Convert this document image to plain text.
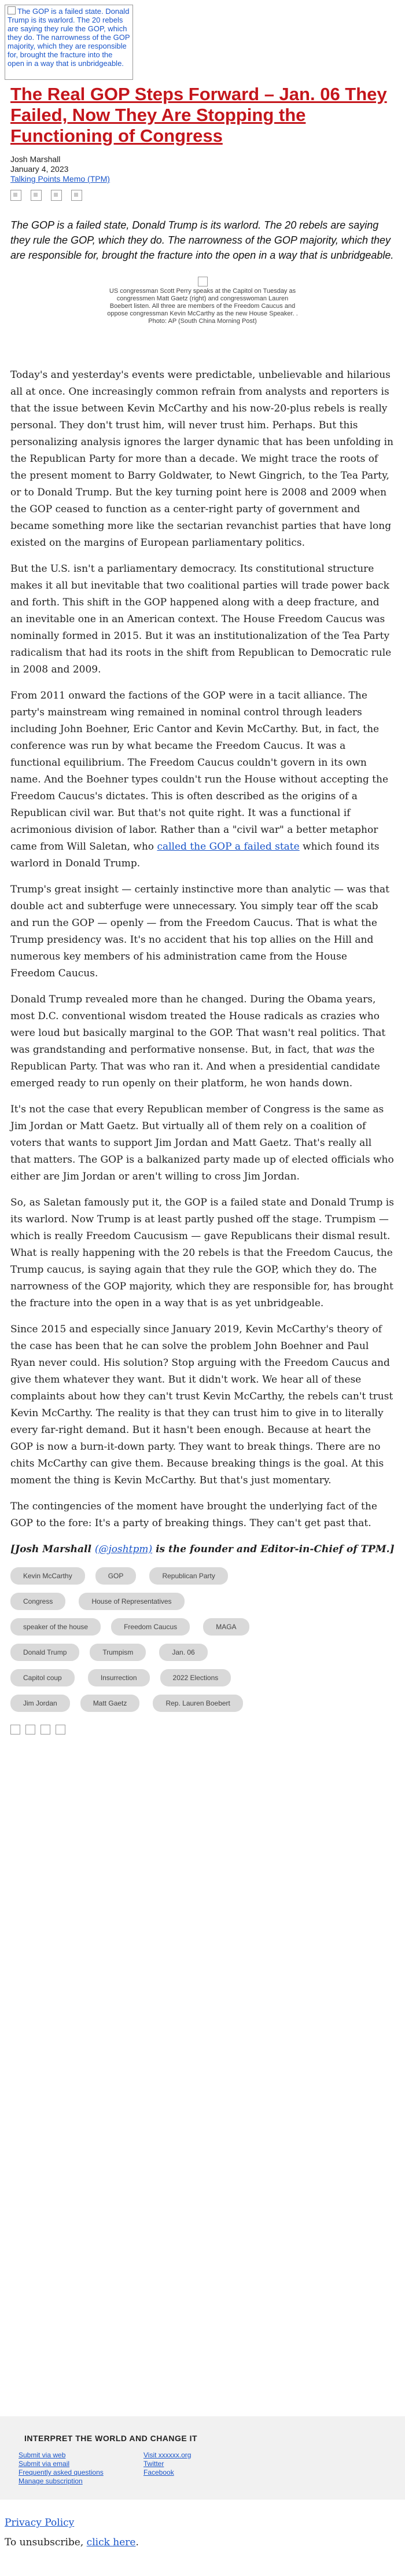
The GOP is a failed state. Donald Trump is its warlord. The 20 rebels are saying they rule the GOP, which they do. The narrowness of the GOP majority, which they are responsible for, brought the fracture into the open in a way that is unbridgeable.
The Real GOP Steps Forward – Jan. 06 They Failed, Now They Are Stopping the Functioning of Congress
Josh Marshall
January 4, 2023
Talking Points Memo (TPM)
The GOP is a failed state, Donald Trump is its warlord. The 20 rebels are saying they rule the GOP, which they do. The narrowness of the GOP majority, which they are responsible for, brought the fracture into the open in a way that is unbridgeable.
US congressman Scott Perry speaks at the Capitol on Tuesday as congressmen Matt Gaetz (right) and congresswoman Lauren Boebert listen. All three are members of the Freedom Caucus and oppose congressman Kevin McCarthy as the new House Speaker. . Photo: AP (South China Morning Post)

Today's and yesterday's events were predictable, unbelievable and hilarious all at once. One increasingly common refrain from analysts and reporters is that the issue between Kevin McCarthy and his now-20-plus rebels is really personal. They don't trust him, will never trust him. Perhaps. But this personalizing analysis ignores the larger dynamic that has been unfolding in the Republican Party for more than a decade. We might trace the roots of the present moment to Barry Goldwater, to Newt Gingrich, to the Tea Party, or to Donald Trump. But the key turning point here is 2008 and 2009 when the GOP ceased to function as a center-right party of government and became something more like the sectarian revanchist parties that have long existed on the margins of European parliamentary politics.

But the U.S. isn't a parliamentary democracy. Its constitutional structure makes it all but inevitable that two coalitional parties will trade power back and forth. This shift in the GOP happened along with a deep fracture, and an inevitable one in an American context. The House Freedom Caucus was nominally formed in 2015. But it was an institutionalization of the Tea Party radicalism that had its roots in the shift from Republican to Democratic rule in 2008 and 2009.

From 2011 onward the factions of the GOP were in a tacit alliance. The party's mainstream wing remained in nominal control through leaders including John Boehner, Eric Cantor and Kevin McCarthy. But, in fact, the conference was run by what became the Freedom Caucus. It was a functional equilibrium. The Freedom Caucus couldn't govern in its own name. And the Boehner types couldn't run the House without accepting the Freedom Caucus's dictates. This is often described as the origins of a Republican civil war. But that's not quite right. It was a functional if acrimonious division of labor. Rather than a "civil war" a better metaphor came from Will Saletan, who called the GOP a failed state which found its warlord in Donald Trump.

Trump's great insight — certainly instinctive more than analytic — was that double act and subterfuge were unnecessary. You simply tear off the scab and run the GOP — openly — from the Freedom Caucus. That is what the Trump presidency was. It's no accident that his top allies on the Hill and numerous key members of his administration came from the House Freedom Caucus.

Donald Trump revealed more than he changed. During the Obama years, most D.C. conventional wisdom treated the House radicals as crazies who were loud but basically marginal to the GOP. That wasn't real politics. That was grandstanding and performative nonsense. But, in fact, that was the Republican Party. That was who ran it. And when a presidential candidate emerged ready to run openly on their platform, he won hands down.

It's not the case that every Republican member of Congress is the same as Jim Jordan or Matt Gaetz. But virtually all of them rely on a coalition of voters that wants to support Jim Jordan and Matt Gaetz. That's really all that matters. The GOP is a balkanized party made up of elected officials who either are Jim Jordan or aren't willing to cross Jim Jordan.

So, as Saletan famously put it, the GOP is a failed state and Donald Trump is its warlord. Now Trump is at least partly pushed off the stage. Trumpism — which is really Freedom Caucusism — gave Republicans their dismal result. What is really happening with the 20 rebels is that the Freedom Caucus, the Trump caucus, is saying again that they rule the GOP, which they do. The narrowness of the GOP majority, which they are responsible for, has brought the fracture into the open in a way that is as yet unbridgeable.

Since 2015 and especially since January 2019, Kevin McCarthy's theory of the case has been that he can solve the problem John Boehner and Paul Ryan never could. His solution? Stop arguing with the Freedom Caucus and give them whatever they want. But it didn't work. We hear all of these complaints about how they can't trust Kevin McCarthy, the rebels can't trust Kevin McCarthy. The reality is that they can trust him to give in to literally every far-right demand. But it hasn't been enough. Because at heart the GOP is now a burn-it-down party. They want to break things. There are no chits McCarthy can give them. Because breaking things is the goal. At this moment the thing is Kevin McCarthy. But that's just momentary.

The contingencies of the moment have brought the underlying fact of the GOP to the fore: It's a party of breaking things. They can't get past that.

[Josh Marshall (@joshtpm) is the founder and Editor-in-Chief of TPM.]

Kevin McCarthy	GOP	Republican PartyCongress	House of Representatives speaker of the house	Freedom Caucus	MAGADonald Trump	Trumpism	Jan. 06Capitol coup	Insurrection	2022 Elections Jim Jordan	Matt Gaetz	Rep. Lauren Boebert
INTERPRET THE WORLD AND CHANGE IT
Submit via web
Submit via email
Frequently asked questions
Manage subscription
Visit xxxxxx.org
Twitter
Facebook
Privacy Policy
To unsubscribe, click here.
